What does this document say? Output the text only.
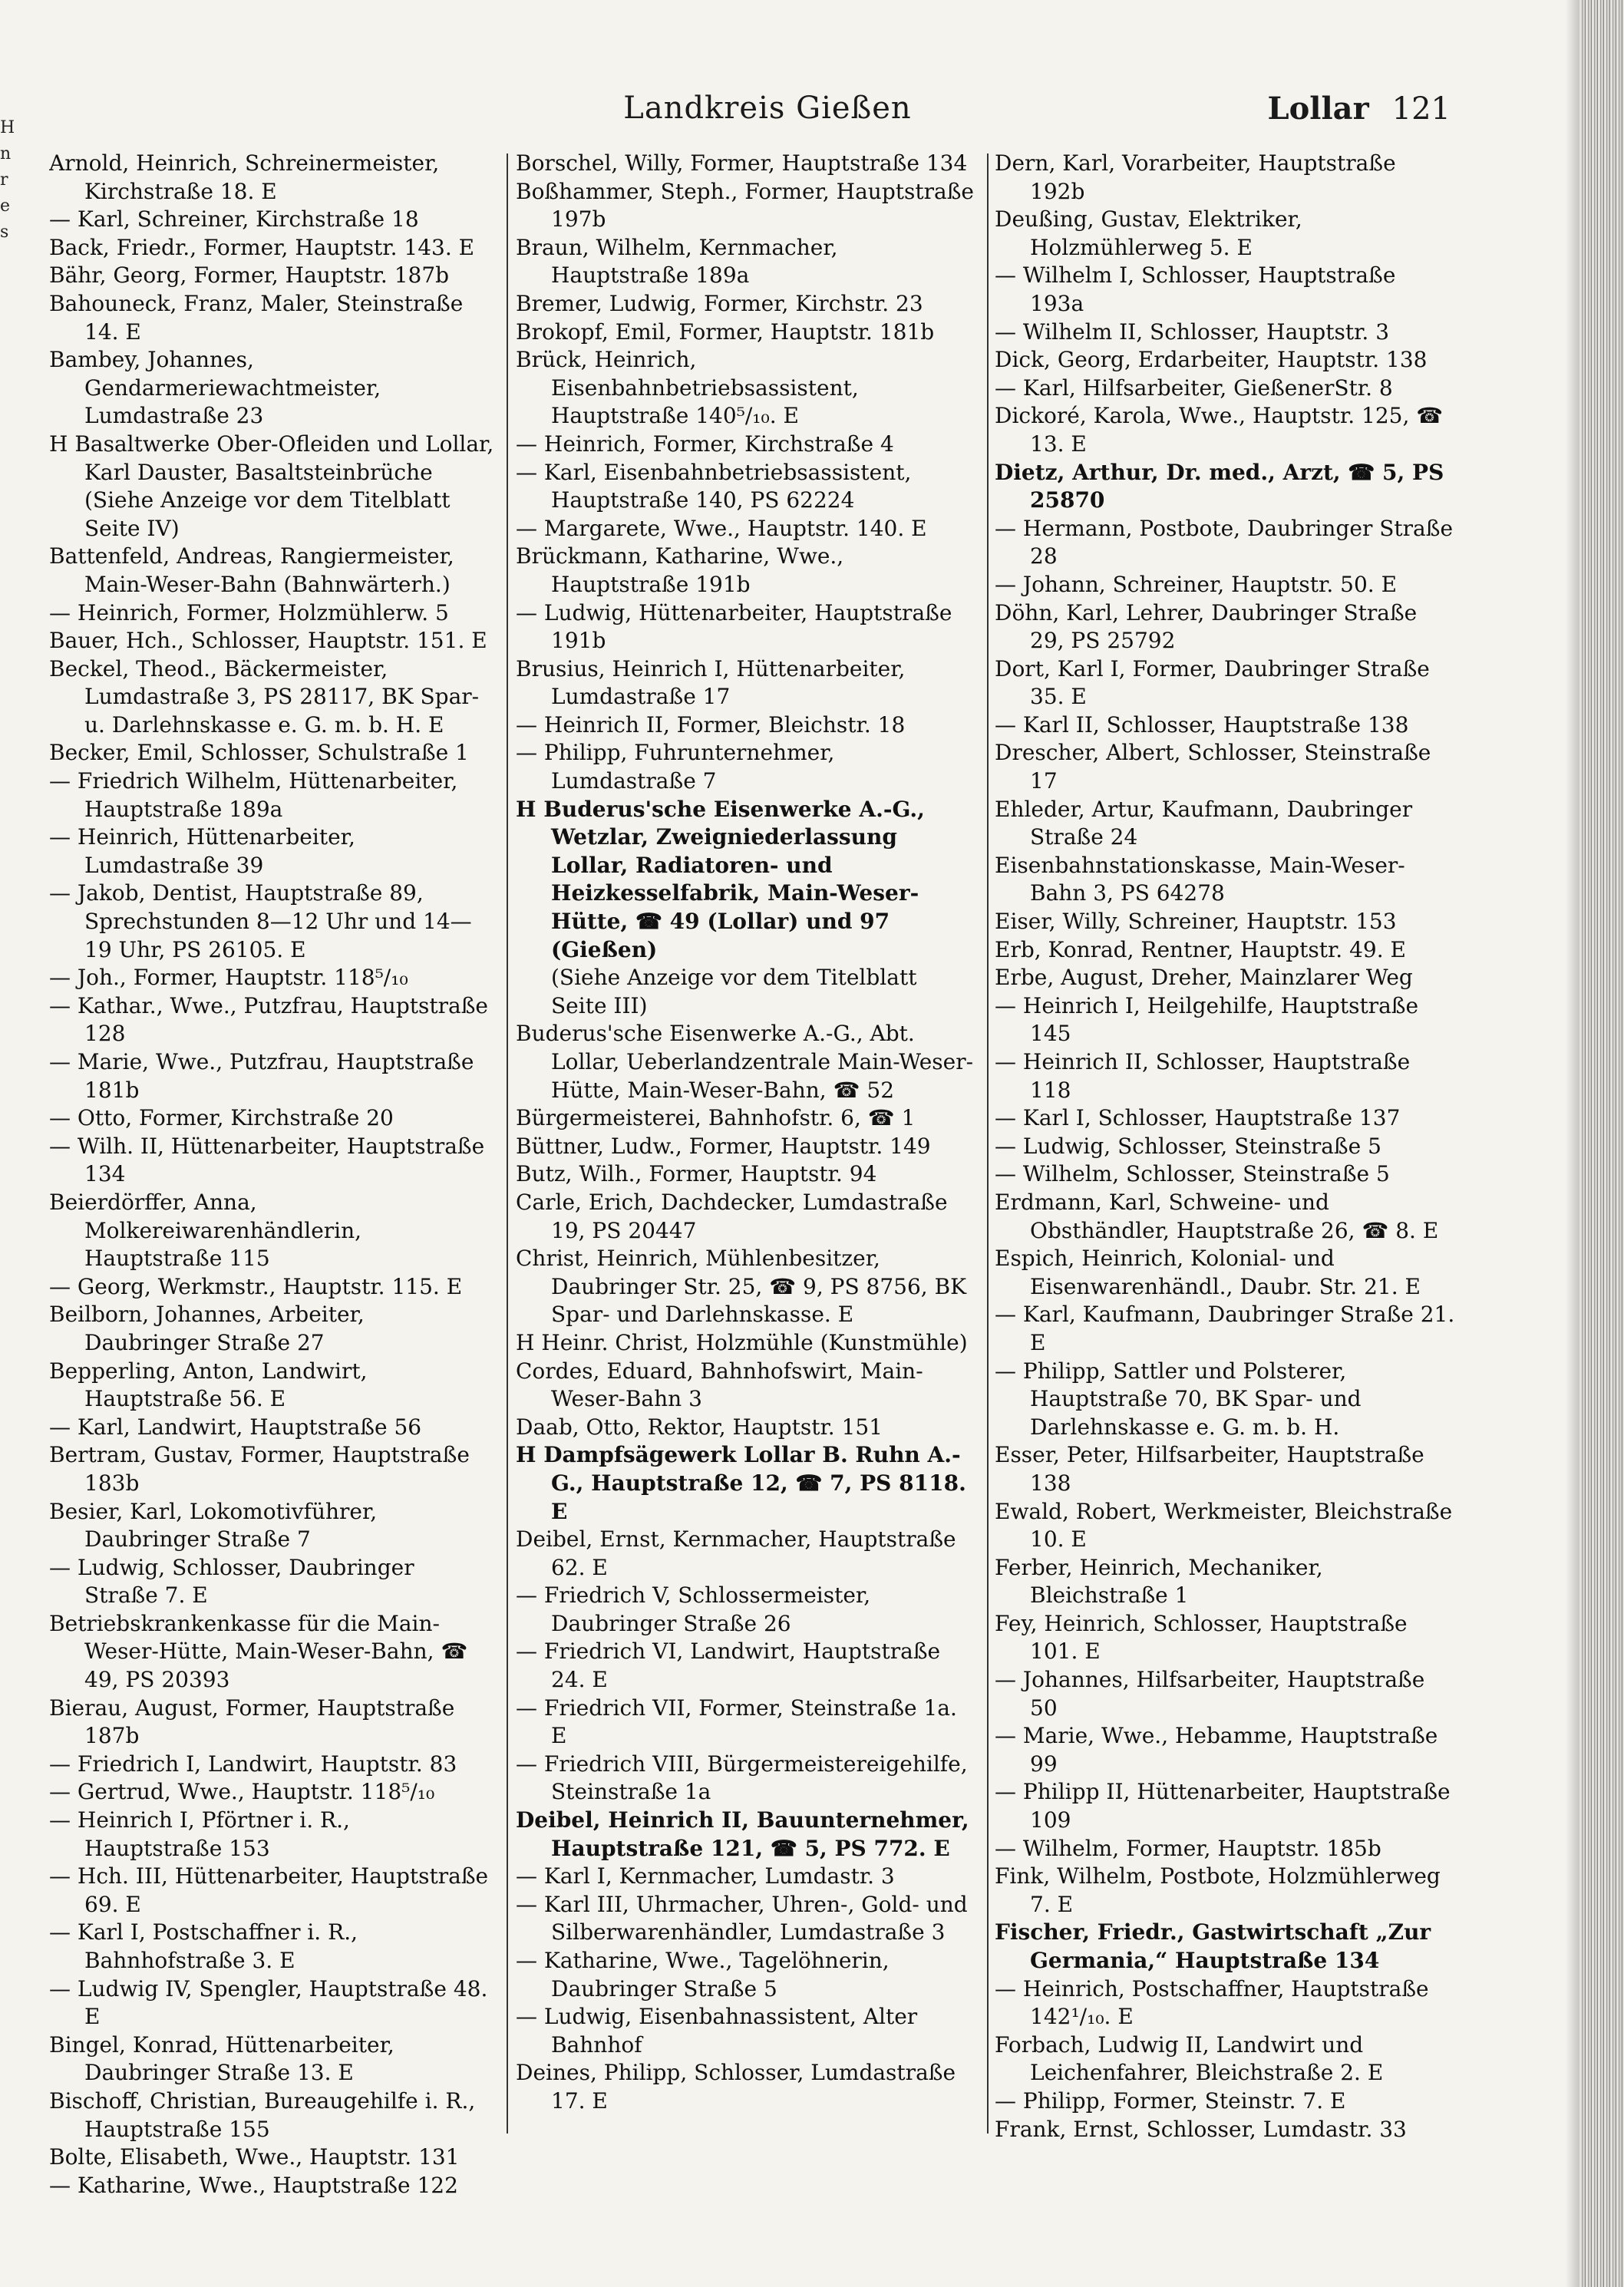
H
n
r
e
s
Landkreis Gießen	Lollar 121

Arnold, Heinrich, Schreinermeister, Kirchstraße 18. E

— Karl, Schreiner, Kirchstraße 18

Back, Friedr., Former, Hauptstr. 143. E

Bähr, Georg, Former, Hauptstr. 187b

Bahouneck, Franz, Maler, Steinstraße 14. E

Bambey, Johannes, Gendarmeriewachtmeister, Lumdastraße 23

H Basaltwerke Ober-Ofleiden und Lollar, Karl Dauster, Basaltsteinbrüche

(Siehe Anzeige vor dem Titelblatt Seite IV)

Battenfeld, Andreas, Rangiermeister, Main-Weser-Bahn (Bahnwärterh.)

— Heinrich, Former, Holzmühlerw. 5

Bauer, Hch., Schlosser, Hauptstr. 151. E

Beckel, Theod., Bäckermeister, Lumdastraße 3, PS 28117, BK Spar- u. Darlehnskasse e. G. m. b. H. E

Becker, Emil, Schlosser, Schulstraße 1

— Friedrich Wilhelm, Hüttenarbeiter, Hauptstraße 189a

— Heinrich, Hüttenarbeiter, Lumdastraße 39

— Jakob, Dentist, Hauptstraße 89, Sprechstunden 8—12 Uhr und 14—19 Uhr, PS 26105. E

— Joh., Former, Hauptstr. 118⁵/₁₀

— Kathar., Wwe., Putzfrau, Hauptstraße 128

— Marie, Wwe., Putzfrau, Hauptstraße 181b

— Otto, Former, Kirchstraße 20

— Wilh. II, Hüttenarbeiter, Hauptstraße 134

Beierdörffer, Anna, Molkereiwarenhändlerin, Hauptstraße 115

— Georg, Werkmstr., Hauptstr. 115. E

Beilborn, Johannes, Arbeiter, Daubringer Straße 27

Bepperling, Anton, Landwirt, Hauptstraße 56. E

— Karl, Landwirt, Hauptstraße 56

Bertram, Gustav, Former, Hauptstraße 183b

Besier, Karl, Lokomotivführer, Daubringer Straße 7

— Ludwig, Schlosser, Daubringer Straße 7. E

Betriebskrankenkasse für die Main-Weser-Hütte, Main-Weser-Bahn, ☎ 49, PS 20393

Bierau, August, Former, Hauptstraße 187b

— Friedrich I, Landwirt, Hauptstr. 83

— Gertrud, Wwe., Hauptstr. 118⁵/₁₀

— Heinrich I, Pförtner i. R., Hauptstraße 153

— Hch. III, Hüttenarbeiter, Hauptstraße 69. E

— Karl I, Postschaffner i. R., Bahnhofstraße 3. E

— Ludwig IV, Spengler, Hauptstraße 48. E

Bingel, Konrad, Hüttenarbeiter, Daubringer Straße 13. E

Bischoff, Christian, Bureaugehilfe i. R., Hauptstraße 155

Bolte, Elisabeth, Wwe., Hauptstr. 131

— Katharine, Wwe., Hauptstraße 122

Borschel, Willy, Former, Hauptstraße 134

Boßhammer, Steph., Former, Hauptstraße 197b

Braun, Wilhelm, Kernmacher, Hauptstraße 189a

Bremer, Ludwig, Former, Kirchstr. 23

Brokopf, Emil, Former, Hauptstr. 181b

Brück, Heinrich, Eisenbahnbetriebsassistent, Hauptstraße 140⁵/₁₀. E

— Heinrich, Former, Kirchstraße 4

— Karl, Eisenbahnbetriebsassistent, Hauptstraße 140, PS 62224

— Margarete, Wwe., Hauptstr. 140. E

Brückmann, Katharine, Wwe., Hauptstraße 191b

— Ludwig, Hüttenarbeiter, Hauptstraße 191b

Brusius, Heinrich I, Hüttenarbeiter, Lumdastraße 17

— Heinrich II, Former, Bleichstr. 18

— Philipp, Fuhrunternehmer, Lumdastraße 7

H Buderus'sche Eisenwerke A.-G., Wetzlar, Zweigniederlassung Lollar, Radiatoren- und Heizkesselfabrik, Main-Weser-Hütte, ☎ 49 (Lollar) und 97 (Gießen)

(Siehe Anzeige vor dem Titelblatt Seite III)

Buderus'sche Eisenwerke A.-G., Abt. Lollar, Ueberlandzentrale Main-Weser-Hütte, Main-Weser-Bahn, ☎ 52

Bürgermeisterei, Bahnhofstr. 6, ☎ 1

Büttner, Ludw., Former, Hauptstr. 149

Butz, Wilh., Former, Hauptstr. 94

Carle, Erich, Dachdecker, Lumdastraße 19, PS 20447

Christ, Heinrich, Mühlenbesitzer, Daubringer Str. 25, ☎ 9, PS 8756, BK Spar- und Darlehnskasse. E

H Heinr. Christ, Holzmühle (Kunstmühle)

Cordes, Eduard, Bahnhofswirt, Main-Weser-Bahn 3

Daab, Otto, Rektor, Hauptstr. 151

H Dampfsägewerk Lollar B. Ruhn A.-G., Hauptstraße 12, ☎ 7, PS 8118. E

Deibel, Ernst, Kernmacher, Hauptstraße 62. E

— Friedrich V, Schlossermeister, Daubringer Straße 26

— Friedrich VI, Landwirt, Hauptstraße 24. E

— Friedrich VII, Former, Steinstraße 1a. E

— Friedrich VIII, Bürgermeistereigehilfe, Steinstraße 1a

Deibel, Heinrich II, Bauunternehmer, Hauptstraße 121, ☎ 5, PS 772. E

— Karl I, Kernmacher, Lumdastr. 3

— Karl III, Uhrmacher, Uhren-, Gold- und Silberwarenhändler, Lumdastraße 3

— Katharine, Wwe., Tagelöhnerin, Daubringer Straße 5

— Ludwig, Eisenbahnassistent, Alter Bahnhof

Deines, Philipp, Schlosser, Lumdastraße 17. E

Dern, Karl, Vorarbeiter, Hauptstraße 192b

Deußing, Gustav, Elektriker, Holzmühlerweg 5. E

— Wilhelm I, Schlosser, Hauptstraße 193a

— Wilhelm II, Schlosser, Hauptstr. 3

Dick, Georg, Erdarbeiter, Hauptstr. 138

— Karl, Hilfsarbeiter, GießenerStr. 8

Dickoré, Karola, Wwe., Hauptstr. 125, ☎ 13. E

Dietz, Arthur, Dr. med., Arzt, ☎ 5, PS 25870

— Hermann, Postbote, Daubringer Straße 28

— Johann, Schreiner, Hauptstr. 50. E

Döhn, Karl, Lehrer, Daubringer Straße 29, PS 25792

Dort, Karl I, Former, Daubringer Straße 35. E

— Karl II, Schlosser, Hauptstraße 138

Drescher, Albert, Schlosser, Steinstraße 17

Ehleder, Artur, Kaufmann, Daubringer Straße 24

Eisenbahnstationskasse, Main-Weser-Bahn 3, PS 64278

Eiser, Willy, Schreiner, Hauptstr. 153

Erb, Konrad, Rentner, Hauptstr. 49. E

Erbe, August, Dreher, Mainzlarer Weg

— Heinrich I, Heilgehilfe, Hauptstraße 145

— Heinrich II, Schlosser, Hauptstraße 118

— Karl I, Schlosser, Hauptstraße 137

— Ludwig, Schlosser, Steinstraße 5

— Wilhelm, Schlosser, Steinstraße 5

Erdmann, Karl, Schweine- und Obsthändler, Hauptstraße 26, ☎ 8. E

Espich, Heinrich, Kolonial- und Eisenwarenhändl., Daubr. Str. 21. E

— Karl, Kaufmann, Daubringer Straße 21. E

— Philipp, Sattler und Polsterer, Hauptstraße 70, BK Spar- und Darlehnskasse e. G. m. b. H.

Esser, Peter, Hilfsarbeiter, Hauptstraße 138

Ewald, Robert, Werkmeister, Bleichstraße 10. E

Ferber, Heinrich, Mechaniker, Bleichstraße 1

Fey, Heinrich, Schlosser, Hauptstraße 101. E

— Johannes, Hilfsarbeiter, Hauptstraße 50

— Marie, Wwe., Hebamme, Hauptstraße 99

— Philipp II, Hüttenarbeiter, Hauptstraße 109

— Wilhelm, Former, Hauptstr. 185b

Fink, Wilhelm, Postbote, Holzmühlerweg 7. E

Fischer, Friedr., Gastwirtschaft „Zur Germania,“ Hauptstraße 134

— Heinrich, Postschaffner, Hauptstraße 142¹/₁₀. E

Forbach, Ludwig II, Landwirt und Leichenfahrer, Bleichstraße 2. E

— Philipp, Former, Steinstr. 7. E

Frank, Ernst, Schlosser, Lumdastr. 33
